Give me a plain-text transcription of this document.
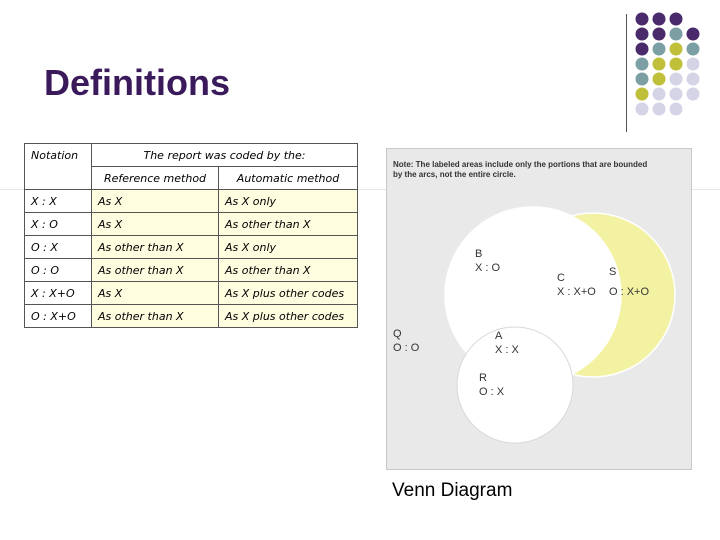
Definitions
Notation	The report was coded by the:	
	Reference method	Automatic method
X : X	As X	As X only
X : O	As X	As other than X
O : X	As other than X	As X only
O : O	As other than X	As other than X
X : X+O	As X	As X plus other codes
O : X+O	As other than X	As X plus other codes
Note: The labeled areas include only the portions that are bounded
by the arcs, not the entire circle.
B
X : O
C
X : X+O
S
O : X+O
Q
O : O
A
X : X
R
O : X
Venn Diagram
